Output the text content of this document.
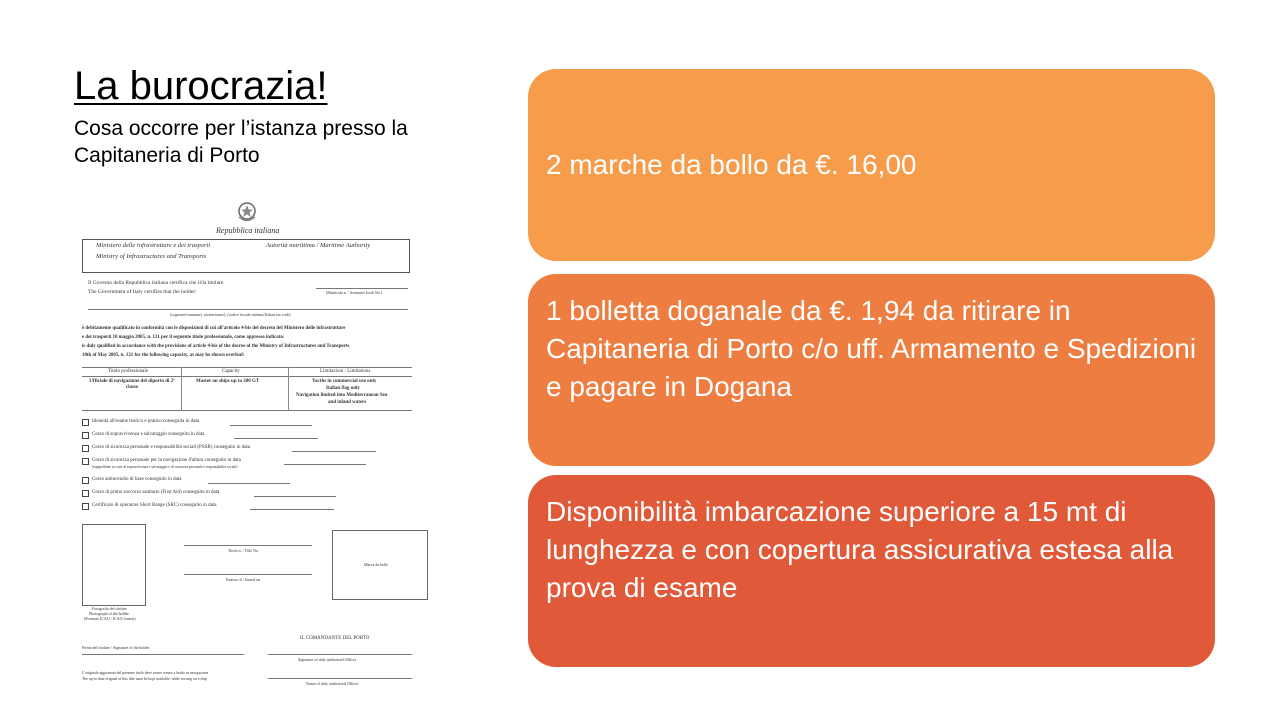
La burocrazia!
Cosa occorre per l’istanza presso la Capitaneria di Porto
Repubblica italiana
Ministero delle infrastrutture e dei trasporti	Autorità marittima / Maritime Authority
Ministry of Infrastructures and Transports
Il Governo della Repubblica italiana certifica che il/la titolare
The Government of Italy certifies that the holder:	(Matricola n. / Seaman's book No.)
(cognome/surname), (nome/name), (codice fiscale italiano/Italian tax code)
è debitamente qualificato in conformità con le disposizioni di cui all'articolo 4-bis del decreto del Ministero delle infrastrutture
e dei trasporti 10 maggio 2005, n. 121 per il seguente titolo professionale, come appresso indicato:
is duly qualified in accordance with the provisions of article 4-bis of the decree of the Ministry of Infrastructures and Transports
10th of May 2005, n. 121 for the following capacity, as may be shown overleaf:
Titolo professionale	Capacity	Limitazioni / Limitations
Ufficiale di navigazione del diporto di 2ª classe
Master on ships up to 200 GT	Yacths in commercial use only
Italian flag only
Navigation limited into Mediterranean Sea
and inland waters
Idoneità all'esame teorico e pratico conseguita in data
Corso di sopravvivenza e salvataggio conseguito in data
Corso di sicurezza personale e responsabilità sociali (PSSR) conseguito in data
Corso di sicurezza personale per la navigazione d'altura conseguito in data
(equipollente ai corsi di sopravvivenza e salvataggio e di sicurezza personale e responsabilità sociali)
Corso antincendio di base conseguito in data
Corso di primo soccorso sanitario (First Aid) conseguito in data
Certificato di operatore Short Range (SRC) conseguito in data
Fotografia del titolare
Photograph of the holder
(Formato ICAO / ICAO format)
Titolo n. / Title No.
Emesso il / Issued on
Marca da bollo
IL COMANDANTE DEL PORTO
Firma del titolare / Signature of the holder
Signature of duly authorized Officer
L'originale aggiornato del presente titolo deve essere tenuto a bordo in navigazione
The up-to-date original of this title must be kept available, while serving on a ship
Name of duly authorized Officer
2 marche da bollo da €. 16,00
1 bolletta doganale da €. 1,94 da ritirare in Capitaneria di Porto c/o uff. Armamento e Spedizioni e pagare in Dogana
Disponibilità imbarcazione superiore a 15 mt di lunghezza e con copertura assicurativa estesa alla prova di esame
